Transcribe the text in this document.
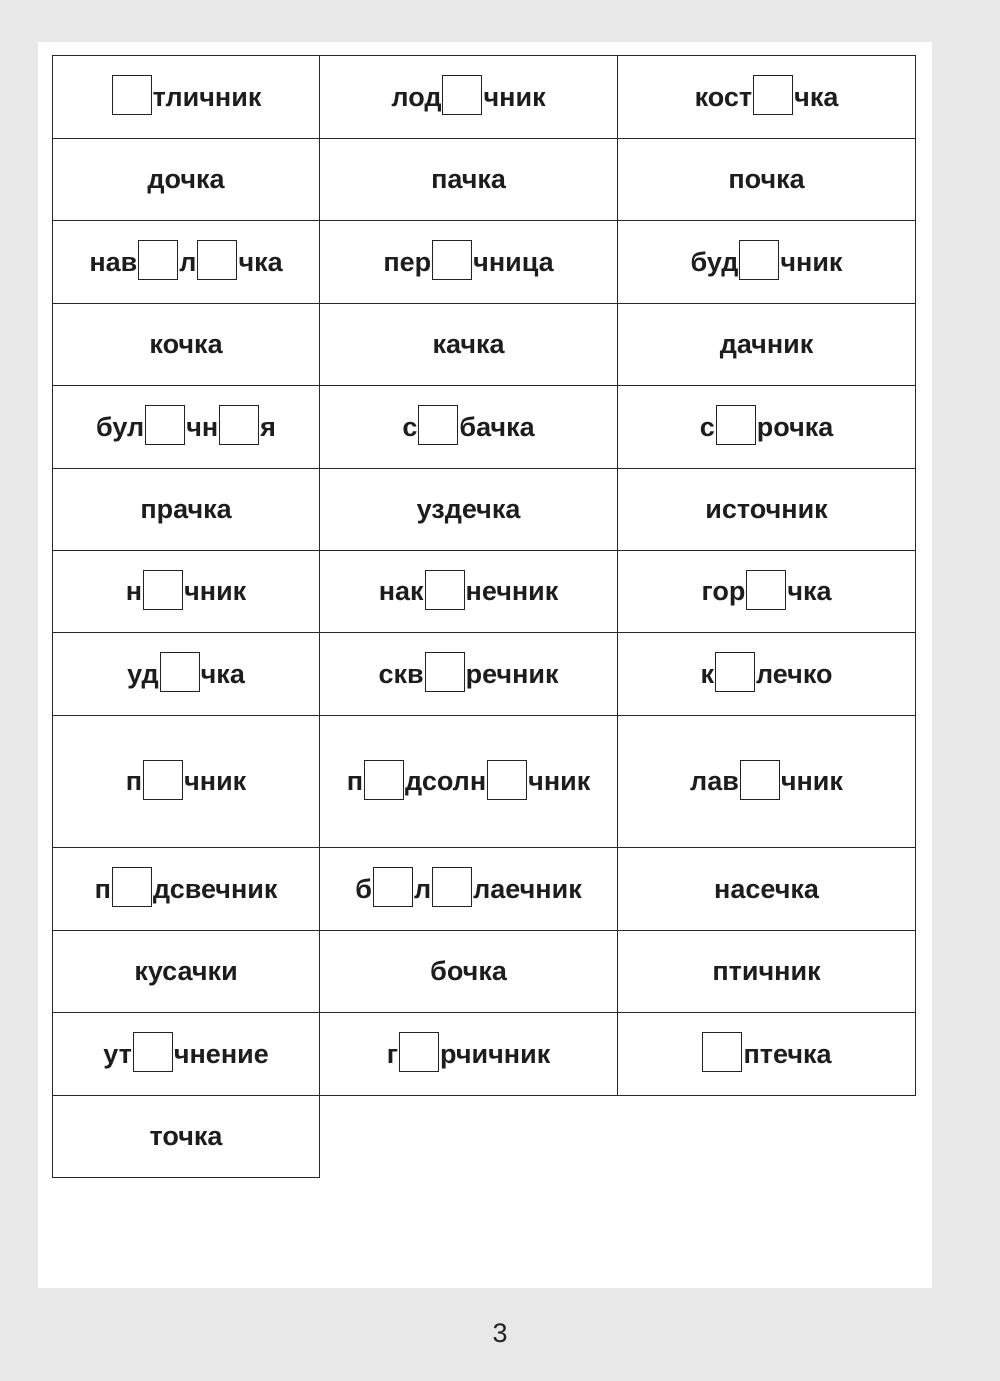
тличник	лод чник	кост чка
дочка	пачка	почка
нав л чка	пер чница	буд чник
кочка	качка	дачник
бул чн я	с бачка	с рочка
прачка	уздечка	источник
н чник	нак нечник	гор чка
уд чка	скв речник	к лечко
п чник	п дсолн чник	лав чник
п дсвечник	б л лаечник	насечка
кусачки	бочка	птичник
ут чнение	г рчичник	птечка
точка
3
